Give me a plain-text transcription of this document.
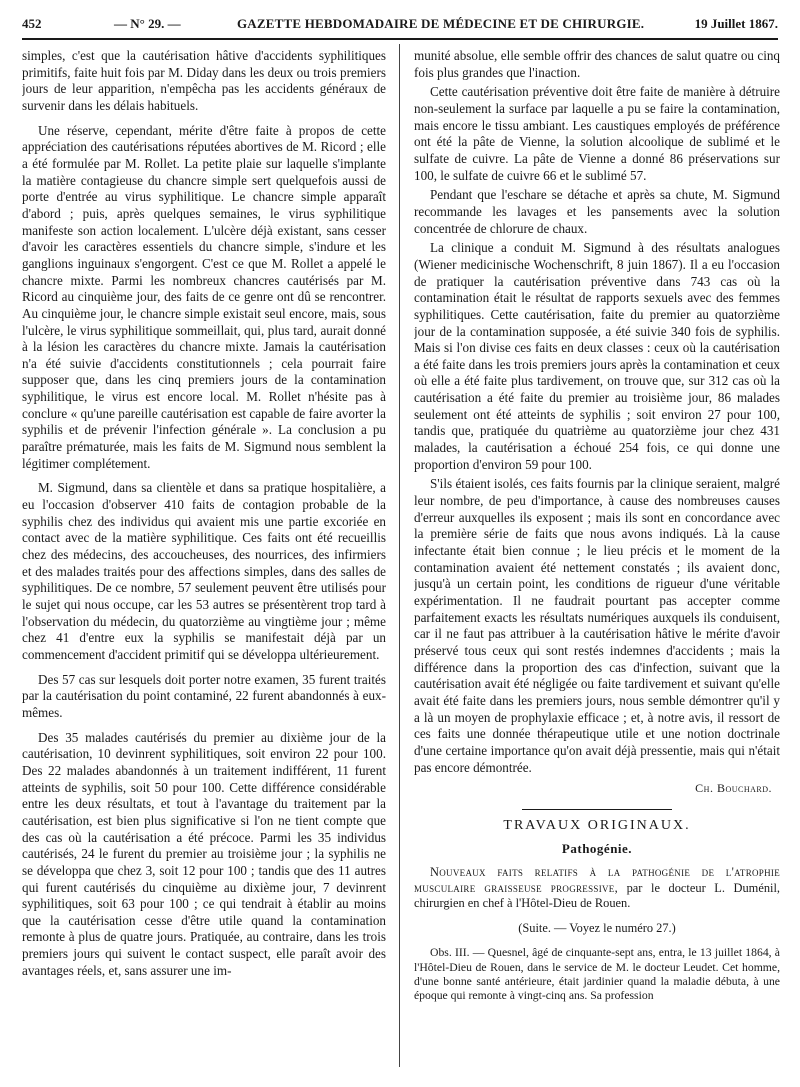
452	— N° 29. —	GAZETTE HEBDOMADAIRE DE MÉDECINE ET DE CHIRURGIE.	19 Juillet 1867.

simples, c'est que la cautérisation hâtive d'accidents syphilitiques primitifs, faite huit fois par M. Diday dans les deux ou trois premiers jours de leur apparition, n'empêcha pas les accidents généraux de survenir dans les délais habituels.

Une réserve, cependant, mérite d'être faite à propos de cette appréciation des cautérisations réputées abortives de M. Ricord ; elle a été formulée par M. Rollet. La petite plaie sur laquelle s'implante la matière contagieuse du chancre simple sert quelquefois aussi de porte d'entrée au virus syphilitique. Le chancre simple apparaît d'abord ; puis, après quelques semaines, le virus syphilitique manifeste son action localement. L'ulcère déjà existant, sans cesser d'avoir les caractères essentiels du chancre simple, s'indure et les ganglions inguinaux s'engorgent. C'est ce que M. Rollet a appelé le chancre mixte. Parmi les nombreux chancres cautérisés par M. Ricord au cinquième jour, des faits de ce genre ont dû se rencontrer. Au cinquième jour, le chancre simple existait seul encore, mais, sous l'ulcère, le virus syphilitique sommeillait, qui, plus tard, aurait donné à la lésion les caractères du chancre mixte. Jamais la cautérisation n'a été suivie d'accidents constitutionnels ; cela pourrait faire supposer que, dans les cinq premiers jours de la contamination syphilitique, le virus est encore local. M. Rollet n'hésite pas à conclure « qu'une pareille cautérisation est capable de faire avorter la syphilis et de prévenir l'infection générale ». La conclusion a pu paraître prématurée, mais les faits de M. Sigmund nous semblent la légitimer complétement.

M. Sigmund, dans sa clientèle et dans sa pratique hospitalière, a eu l'occasion d'observer 410 faits de contagion probable de la syphilis chez des individus qui avaient mis une partie excoriée en contact avec de la matière syphilitique. Ces faits ont été recueillis chez des médecins, des accoucheuses, des nourrices, des infirmiers et des malades traités pour des affections simples, dans des salles de syphilitiques. De ce nombre, 57 seulement peuvent être utilisés pour le sujet qui nous occupe, car les 53 autres se présentèrent trop tard à l'observation du médecin, du quatorzième au vingtième jour ; même chez 41 d'entre eux la syphilis se manifestait déjà par un commencement d'accident primitif qui se développa ultérieurement.

Des 57 cas sur lesquels doit porter notre examen, 35 furent traités par la cautérisation du point contaminé, 22 furent abandonnés à eux-mêmes.

Des 35 malades cautérisés du premier au dixième jour de la cautérisation, 10 devinrent syphilitiques, soit environ 22 pour 100. Des 22 malades abandonnés à un traitement indifférent, 11 furent atteints de syphilis, soit 50 pour 100. Cette différence considérable entre les deux résultats, et tout à l'avantage du traitement par la cautérisation, est bien plus significative si l'on ne tient compte que des cas où la cautérisation a été précoce. Parmi les 35 individus cautérisés, 24 le furent du premier au troisième jour ; la syphilis ne se développa que chez 3, soit 12 pour 100 ; tandis que des 11 autres qui furent cautérisés du cinquième au dixième jour, 7 devinrent syphilitiques, soit 63 pour 100 ; ce qui tendrait à établir au moins que la cautérisation cesse d'être utile quand la contamination remonte à plus de quatre jours. Pratiquée, au contraire, dans les trois premiers jours qui suivent le contact suspect, elle paraît avoir des avantages réels, et, sans assurer une im-

munité absolue, elle semble offrir des chances de salut quatre ou cinq fois plus grandes que l'inaction.

Cette cautérisation préventive doit être faite de manière à détruire non-seulement la surface par laquelle a pu se faire la contamination, mais encore le tissu ambiant. Les caustiques employés de préférence ont été la pâte de Vienne, la solution alcoolique de sublimé et le sulfate de cuivre. La pâte de Vienne a donné 86 préservations sur 100, le sulfate de cuivre 66 et le sublimé 57.

Pendant que l'eschare se détache et après sa chute, M. Sigmund recommande les lavages et les pansements avec la solution concentrée de chlorure de chaux.

La clinique a conduit M. Sigmund à des résultats analogues (Wiener medicinische Wochenschrift, 8 juin 1867). Il a eu l'occasion de pratiquer la cautérisation préventive dans 743 cas où la contamination était le résultat de rapports sexuels avec des femmes syphilitiques. Cette cautérisation, faite du premier au quatorzième jour de la contamination supposée, a été suivie 340 fois de syphilis. Mais si l'on divise ces faits en deux classes : ceux où la cautérisation a été faite dans les trois premiers jours après la contamination et ceux où elle a été faite plus tardivement, on trouve que, sur 312 cas où la cautérisation a été faite du premier au troisième jour, 86 malades seulement ont été atteints de syphilis ; soit environ 27 pour 100, tandis que, pratiquée du quatrième au quatorzième jour chez 431 malades, la cautérisation a échoué 254 fois, ce qui donne une proportion d'environ 59 pour 100.

S'ils étaient isolés, ces faits fournis par la clinique seraient, malgré leur nombre, de peu d'importance, à cause des nombreuses causes d'erreur auxquelles ils exposent ; mais ils sont en concordance avec la première série de faits que nous avons indiqués. Là la cause infectante était bien connue ; le lieu précis et le moment de la contamination avaient été nettement constatés ; ils avaient donc, jusqu'à un certain point, les conditions de rigueur d'une véritable expérimentation. Il ne faudrait pourtant pas accepter comme parfaitement exacts les résultats numériques auxquels ils conduisent, car il ne faut pas attribuer à la cautérisation hâtive le mérite d'avoir préservé tous ceux qui sont restés indemnes d'accidents ; mais la différence dans la proportion des cas d'infection, suivant que la cautérisation avait été négligée ou faite tardivement et suivant qu'elle avait été faite dans les premiers jours, nous semble démontrer qu'il y a là un moyen de prophylaxie efficace ; et, à notre avis, il ressort de ces faits une donnée thérapeutique utile et une notion doctrinale d'une certaine importance qu'on avait déjà pressentie, mais qui n'était pas encore démontrée.

Ch. Bouchard.
TRAVAUX ORIGINAUX.
Pathogénie.

Nouveaux faits relatifs à la pathogénie de l'atrophie musculaire graisseuse progressive, par le docteur L. Duménil, chirurgien en chef à l'Hôtel-Dieu de Rouen.

(Suite. — Voyez le numéro 27.)

Obs. III. — Quesnel, âgé de cinquante-sept ans, entra, le 13 juillet 1864, à l'Hôtel-Dieu de Rouen, dans le service de M. le docteur Leudet. Cet homme, d'une bonne santé antérieure, était jardinier quand la maladie débuta, à une époque qui remonte à vingt-cinq ans. Sa profession
